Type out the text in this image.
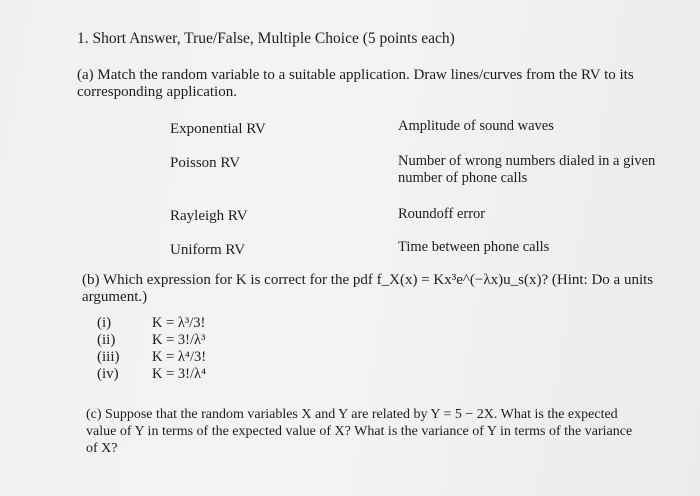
1. Short Answer, True/False, Multiple Choice (5 points each)
(a) Match the random variable to a suitable application. Draw lines/curves from the RV to its
corresponding application.
Exponential RV
Poisson RV
Rayleigh RV
Uniform RV
Amplitude of sound waves
Number of wrong numbers dialed in a given
number of phone calls
Roundoff error
Time between phone calls
(b) Which expression for K is correct for the pdf f_X(x) = Kx³e^(−λx)u_s(x)? (Hint: Do a units
argument.)
(i)	K = λ³/3!
(ii)	K = 3!/λ³
(iii) K = λ⁴/3!
(iv) K = 3!/λ⁴
(c) Suppose that the random variables X and Y are related by Y = 5 − 2X. What is the expected
value of Y in terms of the expected value of X? What is the variance of Y in terms of the variance
of X?
